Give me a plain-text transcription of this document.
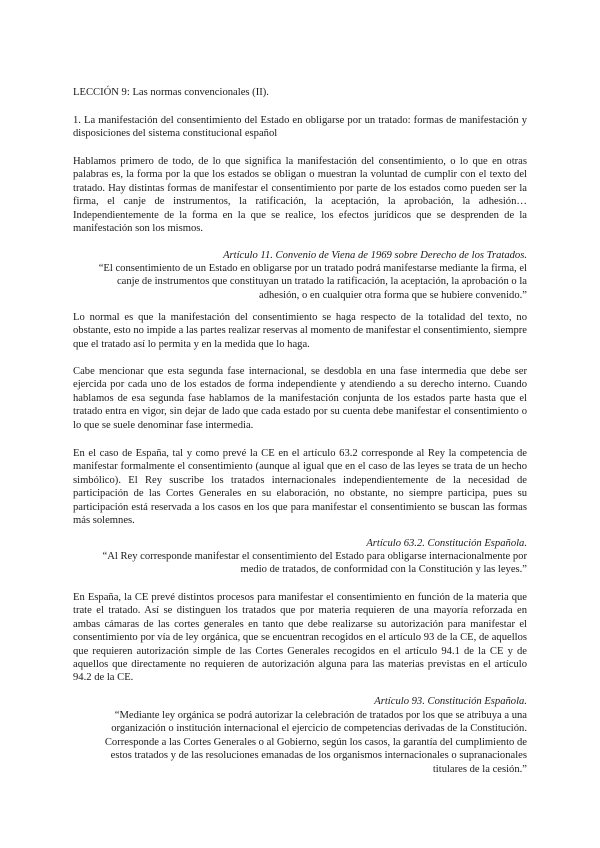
LECCIÓN 9: Las normas convencionales (II).

1. La manifestación del consentimiento del Estado en obligarse por un tratado: formas de manifestación y disposiciones del sistema constitucional español

Hablamos primero de todo, de lo que significa la manifestación del consentimiento, o lo que en otras palabras es, la forma por la que los estados se obligan o muestran la voluntad de cumplir con el texto del tratado. Hay distintas formas de manifestar el consentimiento por parte de los estados como pueden ser la firma, el canje de instrumentos, la ratificación, la aceptación, la aprobación, la adhesión… Independientemente de la forma en la que se realice, los efectos jurídicos que se desprenden de la manifestación son los mismos.

Artículo 11. Convenio de Viena de 1969 sobre Derecho de los Tratados.

“El consentimiento de un Estado en obligarse por un tratado podrá manifestarse mediante la firma, el
canje de instrumentos que constituyan un tratado la ratificación, la aceptación, la aprobación o la
adhesión, o en cualquier otra forma que se hubiere convenido.”

Lo normal es que la manifestación del consentimiento se haga respecto de la totalidad del texto, no obstante, esto no impide a las partes realizar reservas al momento de manifestar el consentimiento, siempre que el tratado así lo permita y en la medida que lo haga.

Cabe mencionar que esta segunda fase internacional, se desdobla en una fase intermedia que debe ser ejercida por cada uno de los estados de forma independiente y atendiendo a su derecho interno. Cuando hablamos de esa segunda fase hablamos de la manifestación conjunta de los estados parte hasta que el tratado entra en vigor, sin dejar de lado que cada estado por su cuenta debe manifestar el consentimiento o lo que se suele denominar fase intermedia.

En el caso de España, tal y como prevé la CE en el artículo 63.2 corresponde al Rey la competencia de manifestar formalmente el consentimiento (aunque al igual que en el caso de las leyes se trata de un hecho simbólico). El Rey suscribe los tratados internacionales independientemente de la necesidad de participación de las Cortes Generales en su elaboración, no obstante, no siempre participa, pues su participación está reservada a los casos en los que para manifestar el consentimiento se buscan las formas más solemnes.

Artículo 63.2. Constitución Española.

“Al Rey corresponde manifestar el consentimiento del Estado para obligarse internacionalmente por
medio de tratados, de conformidad con la Constitución y las leyes.”

En España, la CE prevé distintos procesos para manifestar el consentimiento en función de la materia que trate el tratado. Así se distinguen los tratados que por materia requieren de una mayoría reforzada en ambas cámaras de las cortes generales en tanto que debe realizarse su autorización para manifestar el consentimiento por vía de ley orgánica, que se encuentran recogidos en el artículo 93 de la CE, de aquellos que requieren autorización simple de las Cortes Generales recogidos en el artículo 94.1 de la CE y de aquellos que directamente no requieren de autorización alguna para las materias previstas en el artículo 94.2 de la CE.

Artículo 93. Constitución Española.

“Mediante ley orgánica se podrá autorizar la celebración de tratados por los que se atribuya a una
organización o institución internacional el ejercicio de competencias derivadas de la Constitución.
Corresponde a las Cortes Generales o al Gobierno, según los casos, la garantía del cumplimiento de
estos tratados y de las resoluciones emanadas de los organismos internacionales o supranacionales
titulares de la cesión.”
